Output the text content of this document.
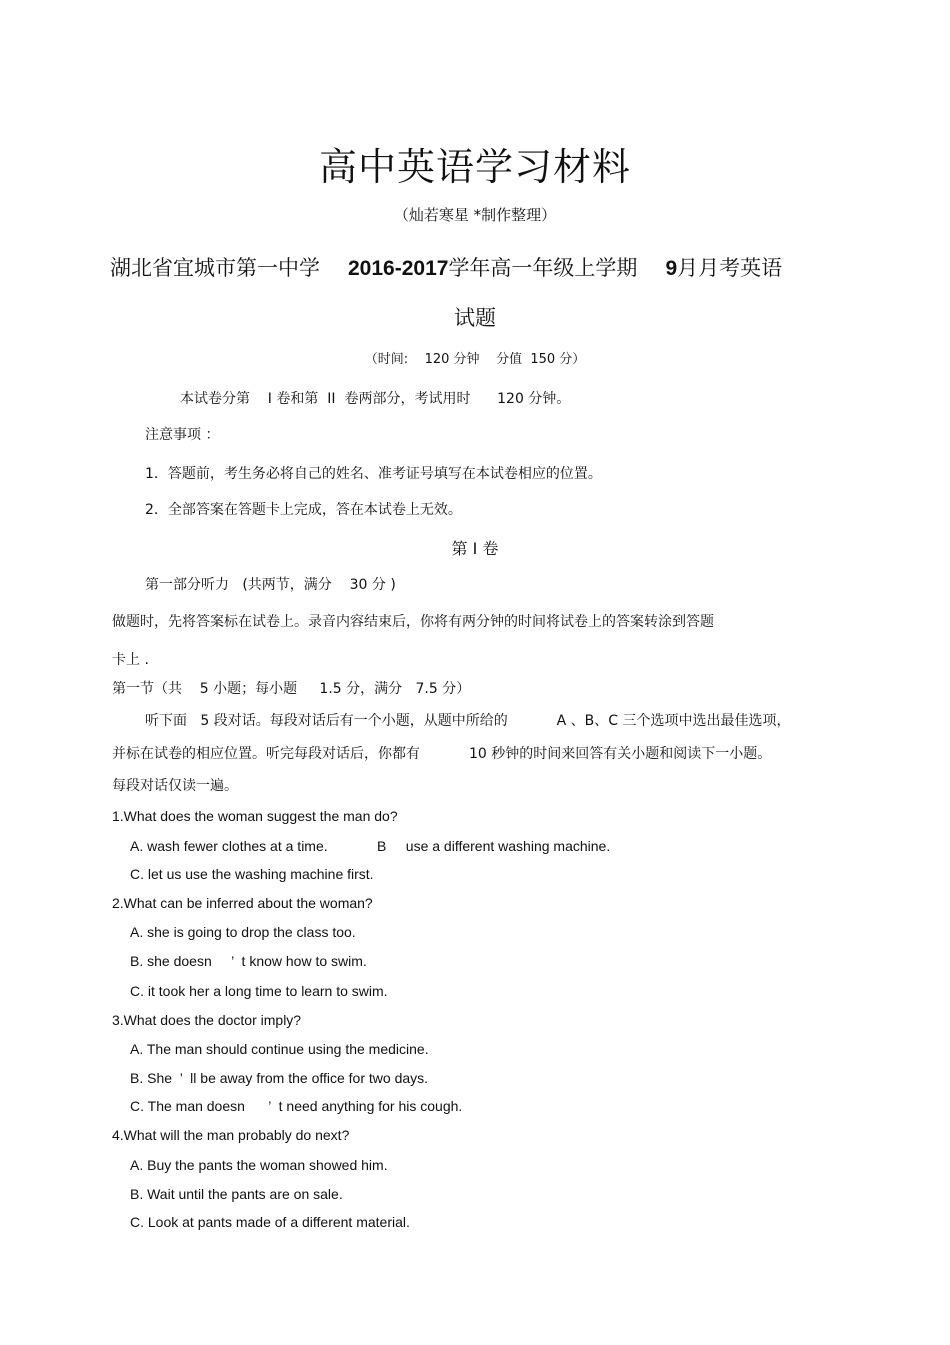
高中英语学习材料
（灿若寒星 *制作整理）
湖北省宜城市第一中学 2016-2017学年高一年级上学期 9月月考英语
试题
（时间:    120 分钟    分值  150 分）
本试卷分第    I 卷和第  II  卷两部分，考试用时      120 分钟。
注意事项 ：
1．答题前，考生务必将自己的姓名、准考证号填写在本试卷相应的位置。
2．全部答案在答题卡上完成，答在本试卷上无效。
第 I 卷
第一部分听力   (共两节，满分    30 分 )
做题时，先将答案标在试卷上。录音内容结束后，你将有两分钟的时间将试卷上的答案转涂到答题
卡上 .
第一节（共    5 小题；每小题     1.5 分，满分   7.5 分）
听下面   5 段对话。每段对话后有一个小题，从题中所给的           A 、B、C 三个选项中选出最佳选项，
并标在试卷的相应位置。听完每段对话后，你都有           10 秒钟的时间来回答有关小题和阅读下一小题。
每段对话仅读一遍。
1.What does the woman suggest the man do?
A. wash fewer clothes at a time.	B     use a different washing machine.
C. let us use the washing machine first.
2.What can be inferred about the woman?
A. she is going to drop the class too.
B. she doesn     ’  t know how to swim.
C. it took her a long time to learn to swim.
3.What does the doctor imply?
A. The man should continue using the medicine.
B. She  ’  ll be away from the office for two days.
C. The man doesn      ’  t need anything for his cough.
4.What will the man probably do next?
A. Buy the pants the woman showed him.
B. Wait until the pants are on sale.
C. Look at pants made of a different material.
